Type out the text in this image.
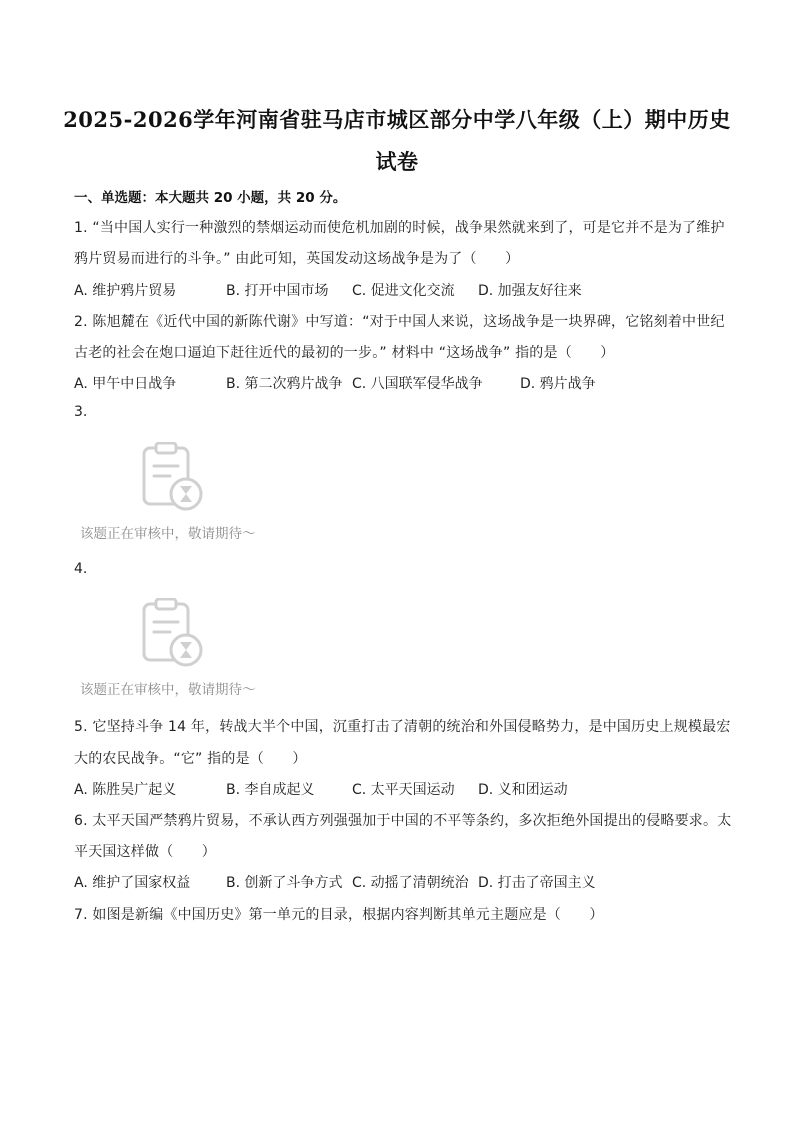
2025-2026学年河南省驻马店市城区部分中学八年级（上）期中历史
试卷
一、单选题：本大题共 20 小题，共 20 分。
1. “当中国人实行一种激烈的禁烟运动而使危机加剧的时候，战争果然就来到了，可是它并不是为了维护
鸦片贸易而进行的斗争。” 由此可知，英国发动这场战争是为了（　　）
A. 维护鸦片贸易	B. 打开中国市场 C. 促进文化交流 D. 加强友好往来
2. 陈旭麓在《近代中国的新陈代谢》中写道：“对于中国人来说，这场战争是一块界碑，它铭刻着中世纪
古老的社会在炮口逼迫下赶往近代的最初的一步。” 材料中 “这场战争” 指的是（　　）
A. 甲午中日战争	B. 第二次鸦片战争 C. 八国联军侵华战争	D. 鸦片战争
3.
该题正在审核中，敬请期待～
4.
该题正在审核中，敬请期待～
5. 它坚持斗争 14 年，转战大半个中国，沉重打击了清朝的统治和外国侵略势力，是中国历史上规模最宏
大的农民战争。“它” 指的是（　　）
A. 陈胜吴广起义	B. 李自成起义	C. 太平天国运动 D. 义和团运动
6. 太平天国严禁鸦片贸易，不承认西方列强强加于中国的不平等条约，多次拒绝外国提出的侵略要求。太
平天国这样做（　　）
A. 维护了国家权益	B. 创新了斗争方式 C. 动摇了清朝统治 D. 打击了帝国主义
7. 如图是新编《中国历史》第一单元的目录，根据内容判断其单元主题应是（　　）
